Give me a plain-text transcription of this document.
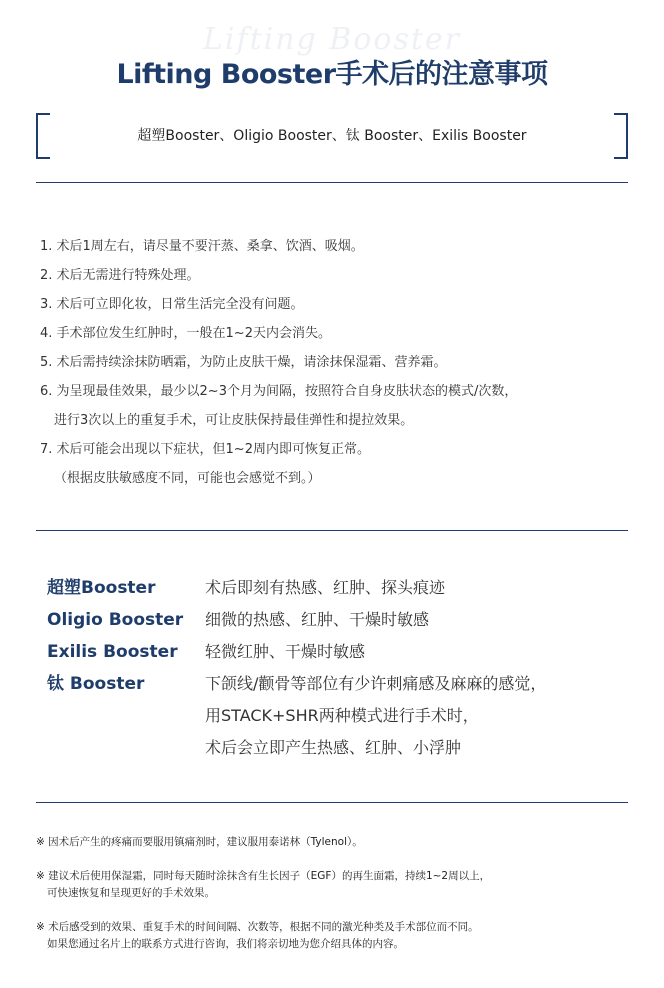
Lifting Booster
Lifting Booster手术后的注意事项
超塑Booster、Oligio Booster、钛 Booster、Exilis Booster
1. 术后1周左右，请尽量不要汗蒸、桑拿、饮酒、吸烟。
2. 术后无需进行特殊处理。
3. 术后可立即化妆，日常生活完全没有问题。
4. 手术部位发生红肿时，一般在1~2天内会消失。
5. 术后需持续涂抹防晒霜，为防止皮肤干燥，请涂抹保湿霜、营养霜。
6. 为呈现最佳效果，最少以2~3个月为间隔，按照符合自身皮肤状态的模式/次数，
进行3次以上的重复手术，可让皮肤保持最佳弹性和提拉效果。
7. 术后可能会出现以下症状，但1~2周内即可恢复正常。
（根据皮肤敏感度不同，可能也会感觉不到。）
超塑Booster	术后即刻有热感、红肿、探头痕迹
Oligio Booster	细微的热感、红肿、干燥时敏感
Exilis Booster	轻微红肿、干燥时敏感
钛 Booster	下颌线/颧骨等部位有少许刺痛感及麻麻的感觉，
用STACK+SHR两种模式进行手术时，
术后会立即产生热感、红肿、小浮肿
※ 因术后产生的疼痛而要服用镇痛剂时，建议服用泰诺林（Tylenol）。
※ 建议术后使用保湿霜，同时每天随时涂抹含有生长因子（EGF）的再生面霜，持续1~2周以上，
可快速恢复和呈现更好的手术效果。
※ 术后感受到的效果、重复手术的时间间隔、次数等，根据不同的激光种类及手术部位而不同。
如果您通过名片上的联系方式进行咨询，我们将亲切地为您介绍具体的内容。
